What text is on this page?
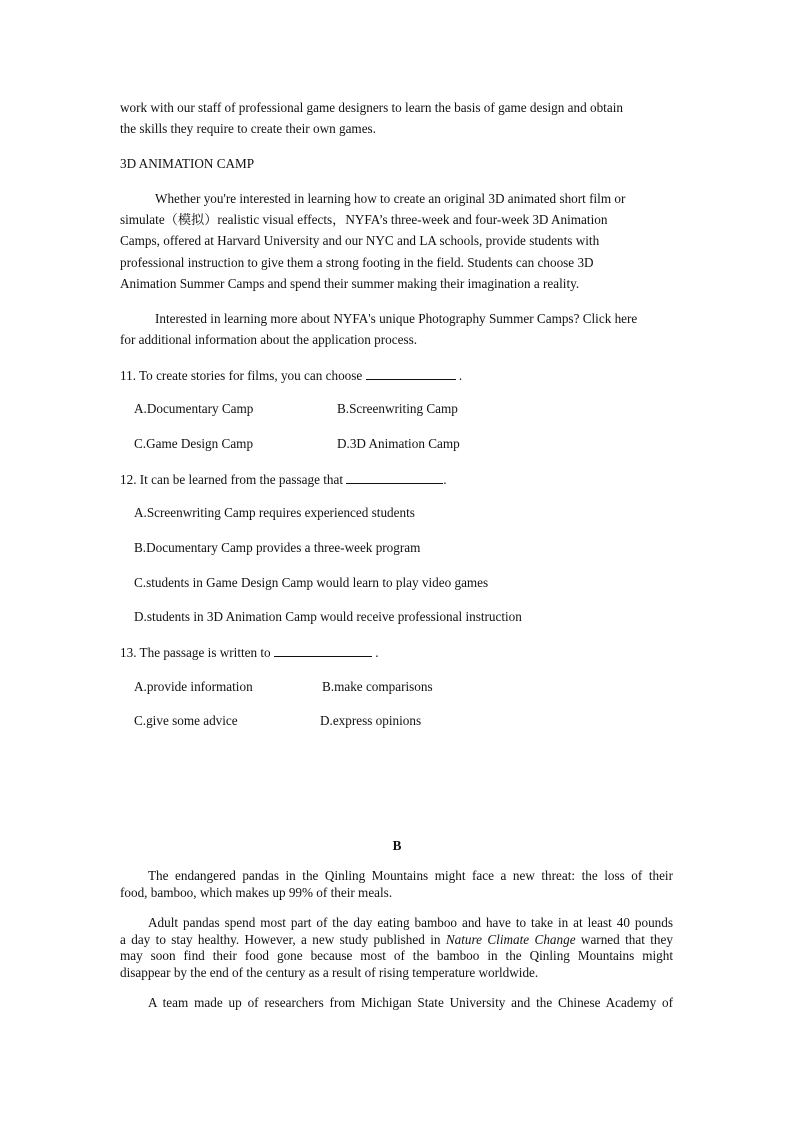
work with our staff of professional game designers to learn the basis of game design and obtain
the skills they require to create their own games.
3D ANIMATION CAMP
Whether you're interested in learning how to create an original 3D animated short film or
simulate（模拟）realistic visual effects，NYFA’s three-week and four-week 3D Animation
Camps, offered at Harvard University and our NYC and LA schools, provide students with
professional instruction to give them a strong footing in the field. Students can choose 3D
Animation Summer Camps and spend their summer making their imagination a reality.
Interested in learning more about NYFA's unique Photography Summer Camps? Click here
for additional information about the application process.
11. To create stories for films, you can choose	.
A.Documentary Camp	B.Screenwriting Camp
C.Game Design Camp	D.3D Animation Camp
12. It can be learned from the passage that	.
A.Screenwriting Camp requires experienced students
B.Documentary Camp provides a three-week program
C.students in Game Design Camp would learn to play video games
D.students in 3D Animation Camp would receive professional instruction
13. The passage is written to	.
A.provide information	B.make comparisons
C.give some advice	D.express opinions
B
The endangered pandas in the Qinling Mountains might face a new threat: the loss of their
food, bamboo, which makes up 99% of their meals.
Adult pandas spend most part of the day eating bamboo and have to take in at least 40 pounds
a day to stay healthy. However, a new study published in Nature Climate Change warned that they
may soon find their food gone because most of the bamboo in the Qinling Mountains might
disappear by the end of the century as a result of rising temperature worldwide.
A team made up of researchers from Michigan State University and the Chinese Academy of
